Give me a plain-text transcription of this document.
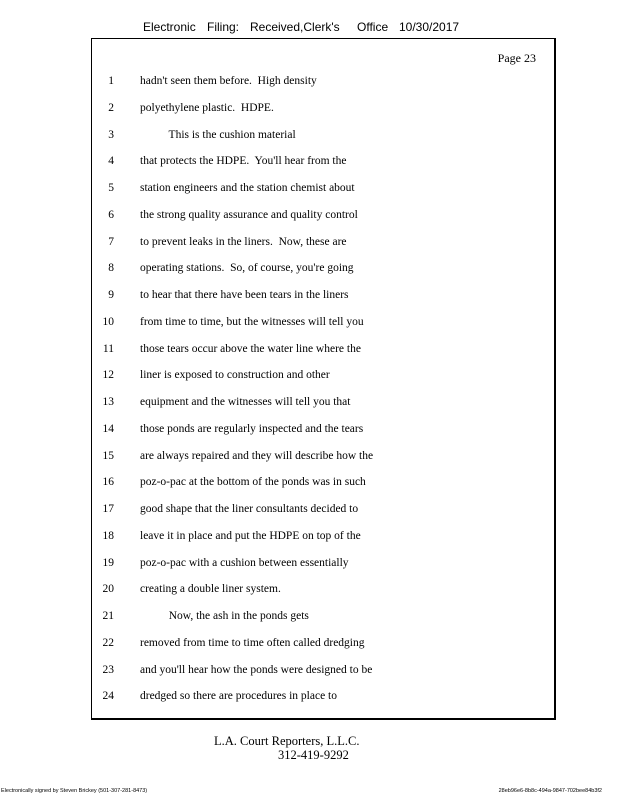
Electronic Filing: Received,Clerk's Office 10/30/2017
Page 23
1 hadn't seen them before.  High density
2 polyethylene plastic.  HDPE.
3 This is the cushion material
4 that protects the HDPE.  You'll hear from the
5 station engineers and the station chemist about
6 the strong quality assurance and quality control
7 to prevent leaks in the liners.  Now, these are
8 operating stations.  So, of course, you're going
9 to hear that there have been tears in the liners
10 from time to time, but the witnesses will tell you
11 those tears occur above the water line where the
12 liner is exposed to construction and other
13 equipment and the witnesses will tell you that
14 those ponds are regularly inspected and the tears
15 are always repaired and they will describe how the
16 poz-o-pac at the bottom of the ponds was in such
17 good shape that the liner consultants decided to
18 leave it in place and put the HDPE on top of the
19 poz-o-pac with a cushion between essentially
20 creating a double liner system.
21 Now, the ash in the ponds gets
22 removed from time to time often called dredging
23 and you'll hear how the ponds were designed to be
24 dredged so there are procedures in place to
L.A. Court Reporters, L.L.C.
312-419-9292
Electronically signed by Steven Brickey (501-307-281-8473)	28eb96e6-8b8c-494a-9847-702bee84b3f2
